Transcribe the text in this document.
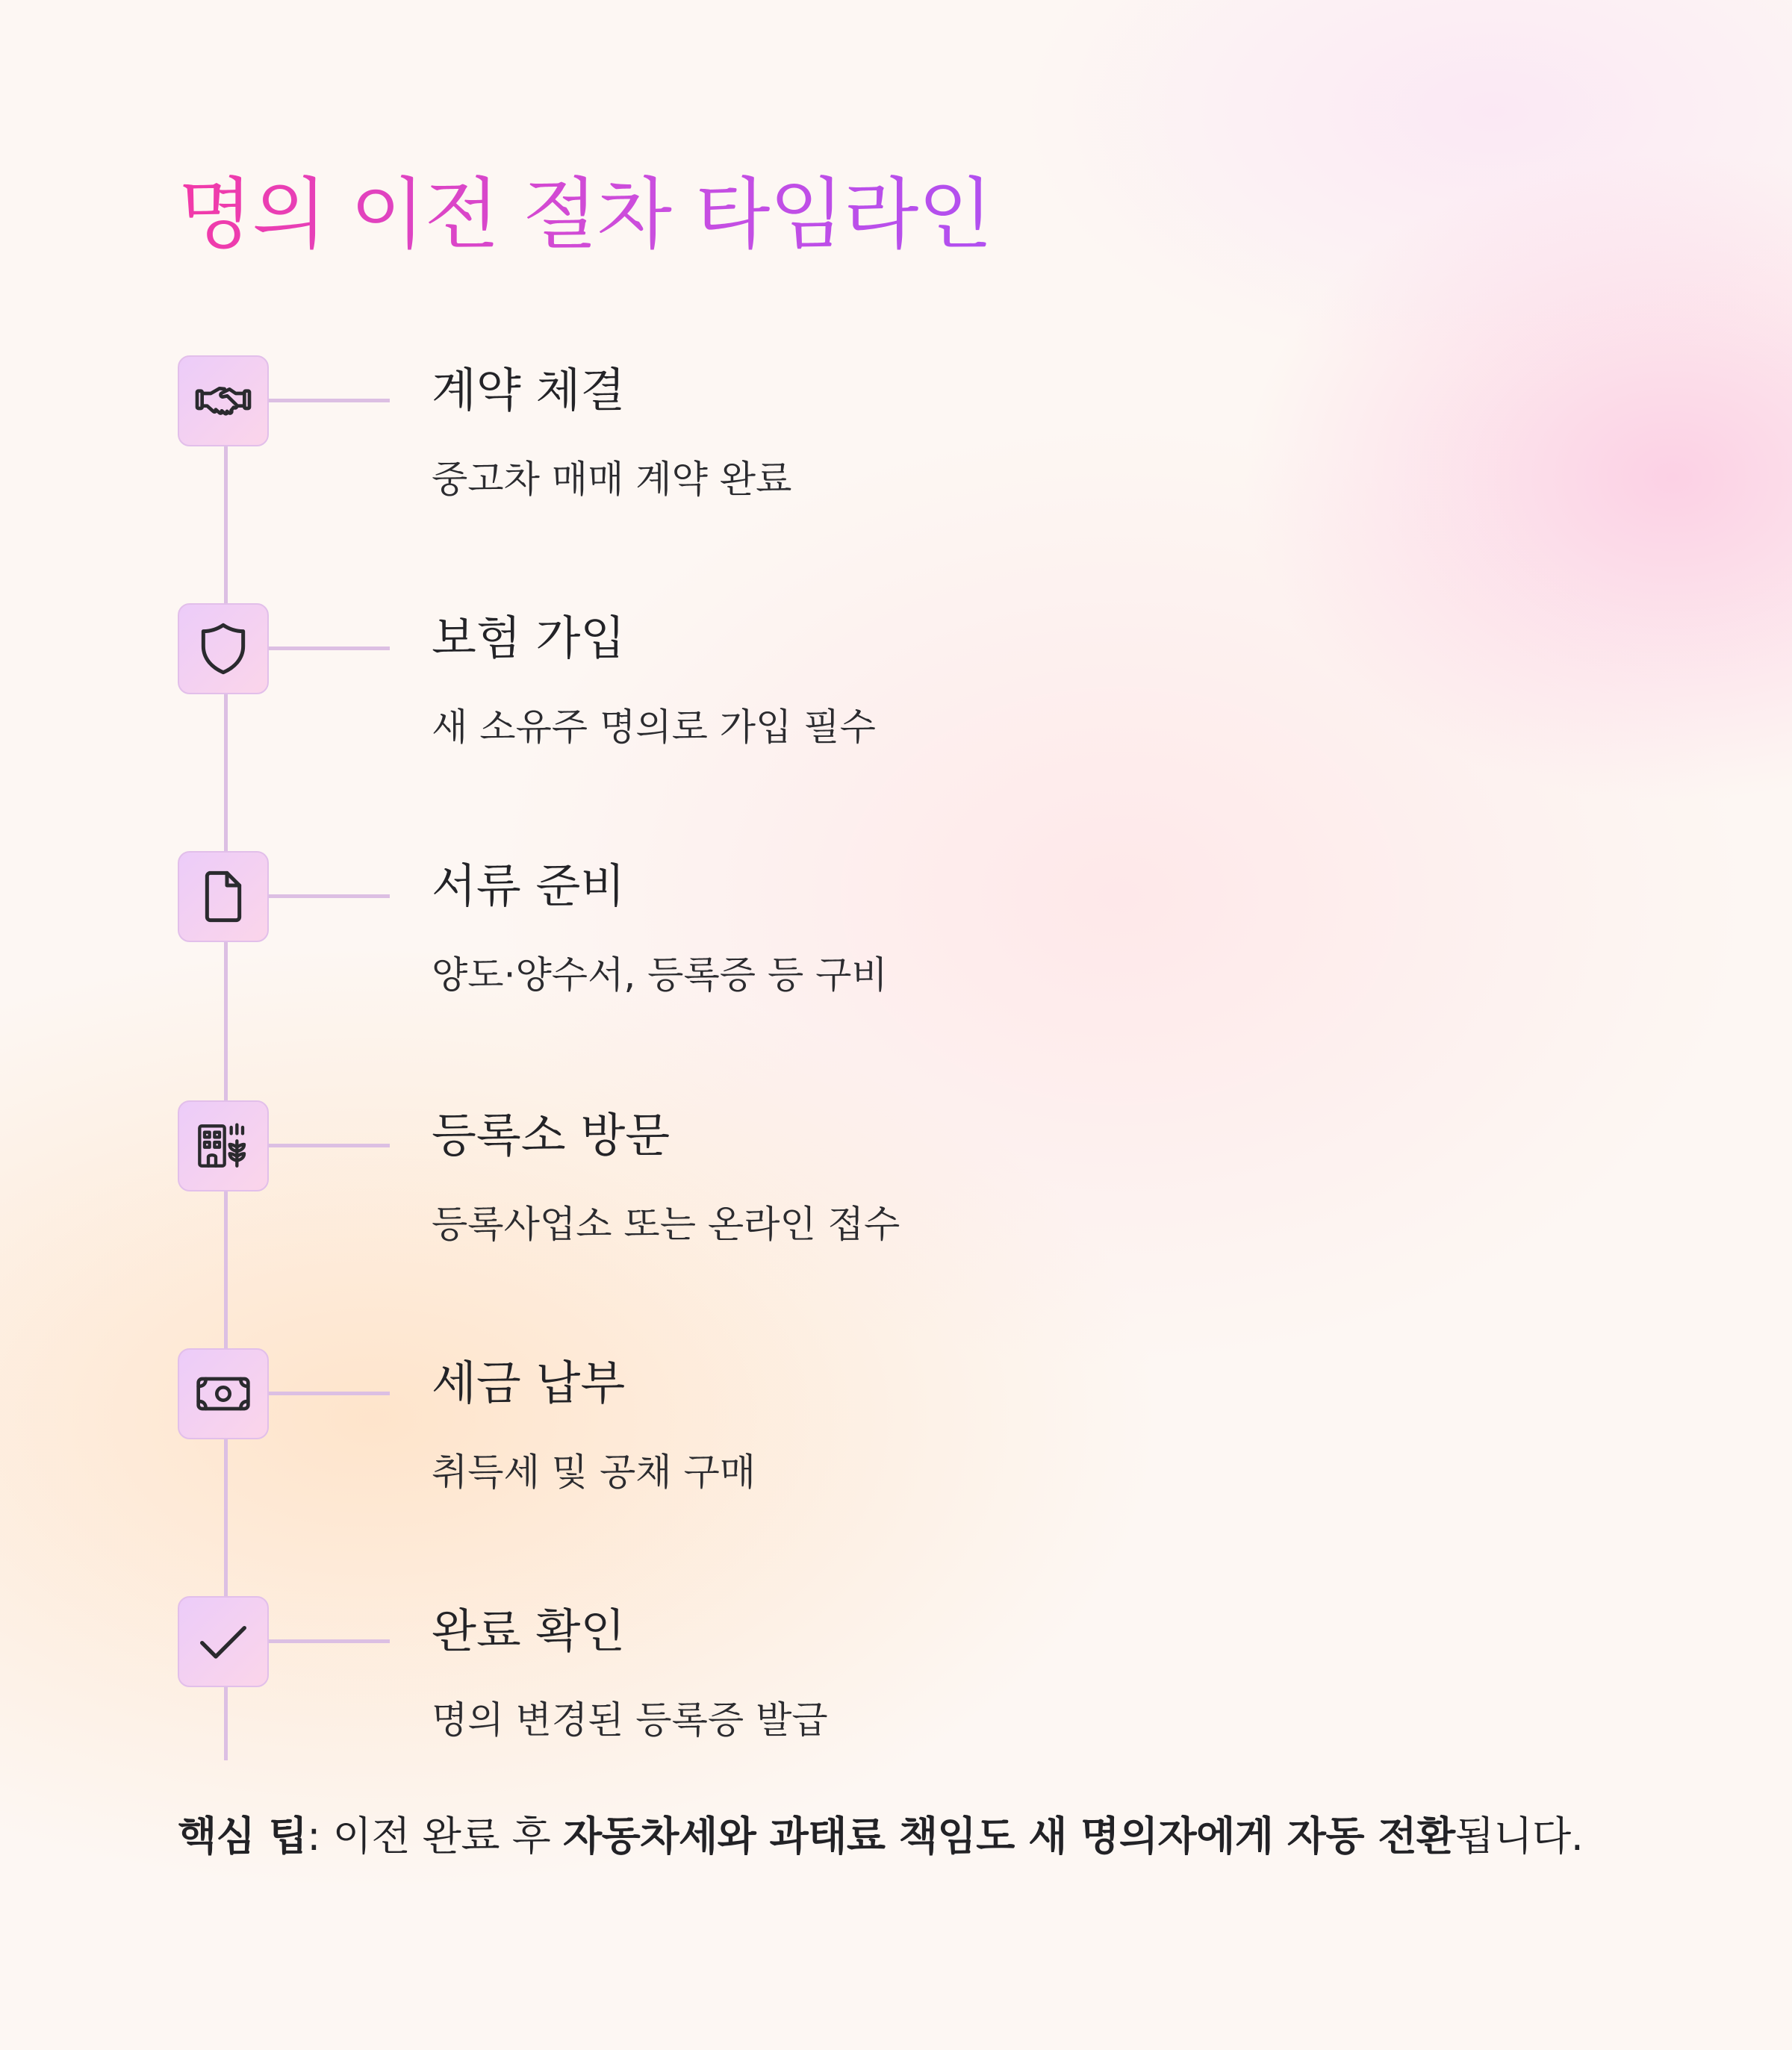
명의 이전 절차 타임라인
계약 체결
중고차 매매 계약 완료
보험 가입
새 소유주 명의로 가입 필수
서류 준비
양도·양수서, 등록증 등 구비
등록소 방문
등록사업소 또는 온라인 접수
세금 납부
취득세 및 공채 구매
완료 확인
명의 변경된 등록증 발급
핵심 팁: 이전 완료 후 자동차세와 과태료 책임도 새 명의자에게 자동 전환됩니다.
